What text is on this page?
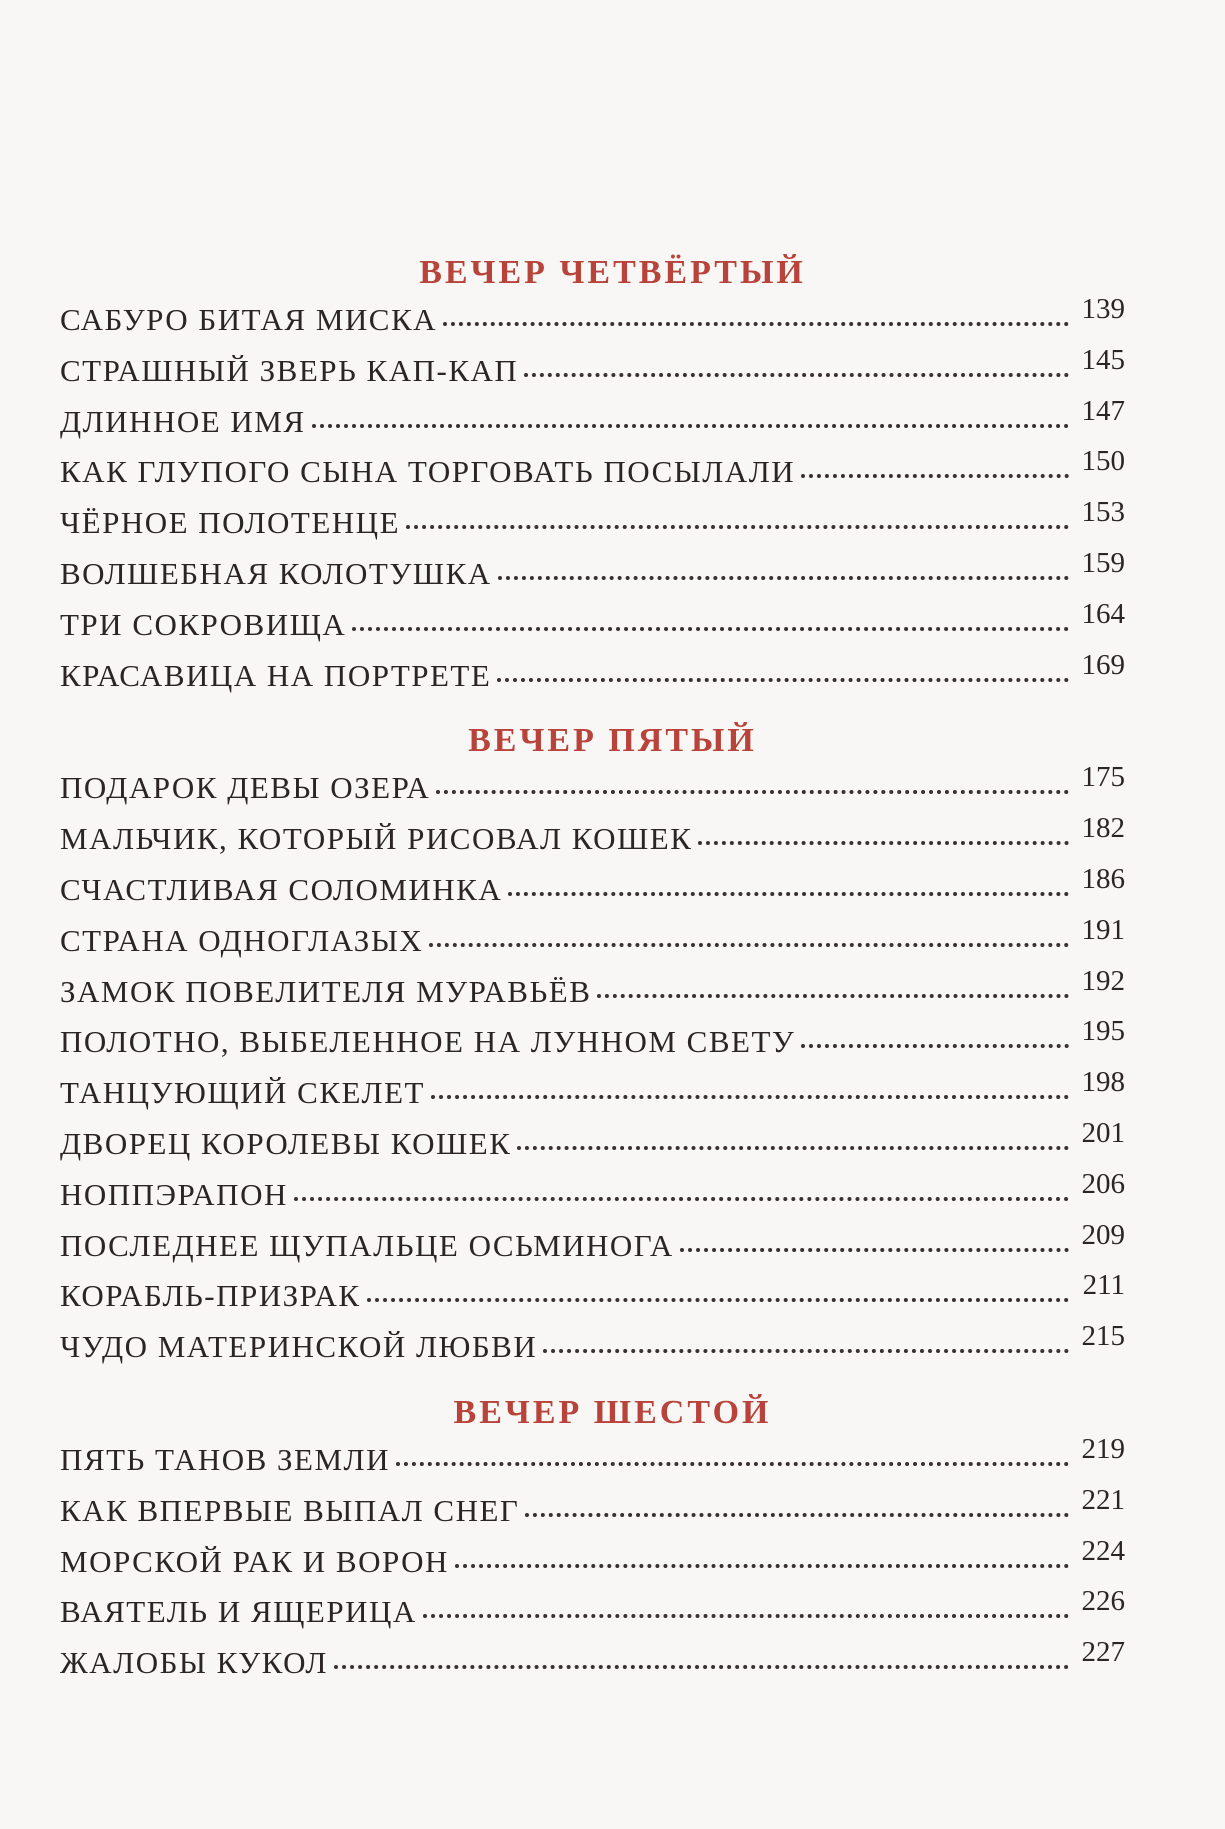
ВЕЧЕР ЧЕТВЁРТЫЙ
САБУРО БИТАЯ МИСКА	139
СТРАШНЫЙ ЗВЕРЬ КАП-КАП	145
ДЛИННОЕ ИМЯ	147
КАК ГЛУПОГО СЫНА ТОРГОВАТЬ ПОСЫЛАЛИ	150
ЧЁРНОЕ ПОЛОТЕНЦЕ	153
ВОЛШЕБНАЯ КОЛОТУШКА	159
ТРИ СОКРОВИЩА	164
КРАСАВИЦА НА ПОРТРЕТЕ	169
ВЕЧЕР ПЯТЫЙ
ПОДАРОК ДЕВЫ ОЗЕРА	175
МАЛЬЧИК, КОТОРЫЙ РИСОВАЛ КОШЕК	182
СЧАСТЛИВАЯ СОЛОМИНКА	186
СТРАНА ОДНОГЛАЗЫХ	191
ЗАМОК ПОВЕЛИТЕЛЯ МУРАВЬЁВ	192
ПОЛОТНО, ВЫБЕЛЕННОЕ НА ЛУННОМ СВЕТУ	195
ТАНЦУЮЩИЙ СКЕЛЕТ	198
ДВОРЕЦ КОРОЛЕВЫ КОШЕК	201
НОППЭРАПОН	206
ПОСЛЕДНЕЕ ЩУПАЛЬЦЕ ОСЬМИНОГА	209
КОРАБЛЬ-ПРИЗРАК	211
ЧУДО МАТЕРИНСКОЙ ЛЮБВИ	215
ВЕЧЕР ШЕСТОЙ
ПЯТЬ ТАНОВ ЗЕМЛИ	219
КАК ВПЕРВЫЕ ВЫПАЛ СНЕГ	221
МОРСКОЙ РАК И ВОРОН	224
ВАЯТЕЛЬ И ЯЩЕРИЦА	226
ЖАЛОБЫ КУКОЛ	227
